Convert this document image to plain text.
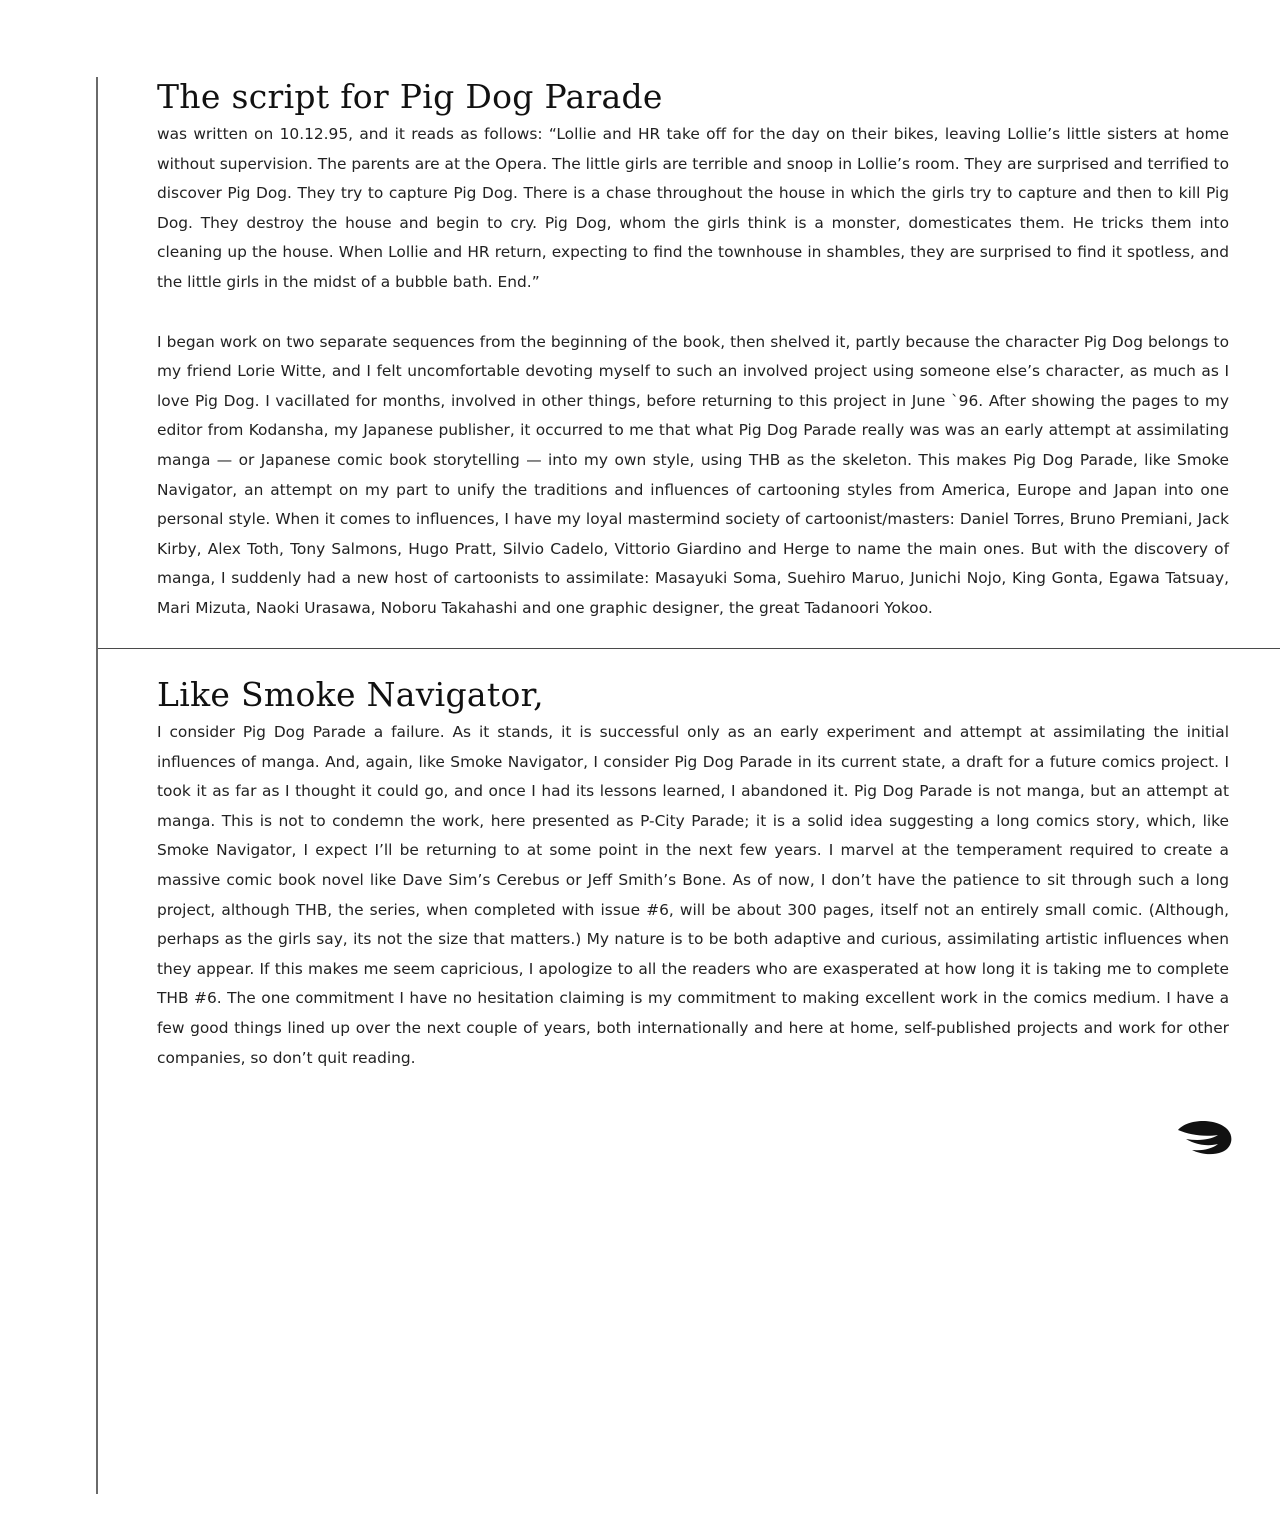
The script for Pig Dog Parade

was written on 10.12.95, and it reads as follows: “Lollie and HR take off for the day on their bikes, leaving Lollie’s little sisters at home without supervision. The parents are at the Opera. The little girls are terrible and snoop in Lollie’s room. They are surprised and terrified to discover Pig Dog. They try to capture Pig Dog. There is a chase throughout the house in which the girls try to capture and then to kill Pig Dog. They destroy the house and begin to cry. Pig Dog, whom the girls think is a monster, domesticates them. He tricks them into cleaning up the house. When Lollie and HR return, expecting to find the townhouse in shambles, they are surprised to find it spotless, and the little girls in the midst of a bubble bath. End.”

I began work on two separate sequences from the beginning of the book, then shelved it, partly because the character Pig Dog belongs to my friend Lorie Witte, and I felt uncomfortable devoting myself to such an involved project using someone else’s character, as much as I love Pig Dog. I vacillated for months, involved in other things, before returning to this project in June `96. After showing the pages to my editor from Kodansha, my Japanese publisher, it occurred to me that what Pig Dog Parade really was was an early attempt at assimilating manga — or Japanese comic book storytelling — into my own style, using THB as the skeleton. This makes Pig Dog Parade, like Smoke Navigator, an attempt on my part to unify the traditions and influences of cartooning styles from America, Europe and Japan into one personal style. When it comes to influences, I have my loyal mastermind society of cartoonist/masters: Daniel Torres, Bruno Premiani, Jack Kirby, Alex Toth, Tony Salmons, Hugo Pratt, Silvio Cadelo, Vittorio Giardino and Herge to name the main ones. But with the discovery of manga, I suddenly had a new host of cartoonists to assimilate: Masayuki Soma, Suehiro Maruo, Junichi Nojo, King Gonta, Egawa Tatsuay, Mari Mizuta, Naoki Urasawa, Noboru Takahashi and one graphic designer, the great Tadanoori Yokoo.

Like Smoke Navigator,

I consider Pig Dog Parade a failure. As it stands, it is successful only as an early experiment and attempt at assimilating the initial influences of manga. And, again, like Smoke Navigator, I consider Pig Dog Parade in its current state, a draft for a future comics project. I took it as far as I thought it could go, and once I had its lessons learned, I abandoned it. Pig Dog Parade is not manga, but an attempt at manga. This is not to condemn the work, here presented as P-City Parade; it is a solid idea suggesting a long comics story, which, like Smoke Navigator, I expect I’ll be returning to at some point in the next few years. I marvel at the temperament required to create a massive comic book novel like Dave Sim’s Cerebus or Jeff Smith’s Bone. As of now, I don’t have the patience to sit through such a long project, although THB, the series, when completed with issue #6, will be about 300 pages, itself not an entirely small comic. (Although, perhaps as the girls say, its not the size that matters.) My nature is to be both adaptive and curious, assimilating artistic influences when they appear. If this makes me seem capricious, I apologize to all the readers who are exasperated at how long it is taking me to complete THB #6. The one commitment I have no hesitation claiming is my commitment to making excellent work in the comics medium. I have a few good things lined up over the next couple of years, both internationally and here at home, self-published projects and work for other companies, so don’t quit reading.
